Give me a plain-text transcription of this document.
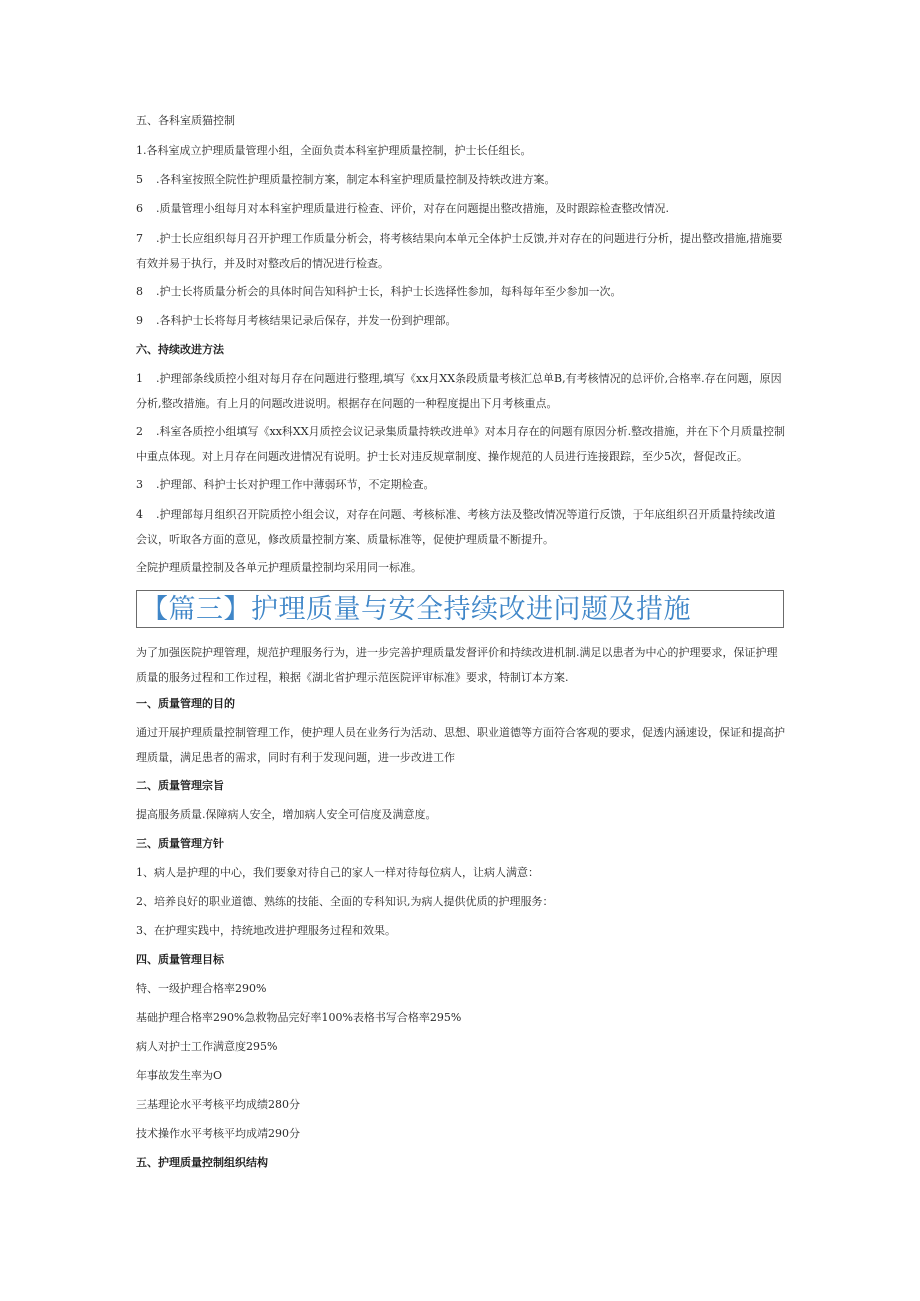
五、各科室质猫控制
1.各科室成立护理质量管理小组，全面负责本科室护理质量控制，护士长任组长。
5 .各科室按照全院性护理质量控制方案，制定本科室护理质量控制及持轶改进方案。
6 .质量管理小组每月对本科室护理质量进行检查、评价，对存在问题提出整改措施，及时跟踪检查整改情况.
7 .护士长应组织每月召开护理工作质量分析会，将考核结果向本单元全体护士反馈,并对存在的问题进行分析，提出整改措施,措施要有效并易于执行，并及时对整改后的情况进行检查。
8 .护士长将质量分析会的具体时间告知科护士长，科护士长选择性参加，每科每年至少参加一次。
9 .各科护士长将每月考核结果记录后保存，并发一份到护理部。
六、持续改进方法
1 .护理部条线质控小组对每月存在问题进行整理,填写《xx月XX条段质量考核汇总单B,有考核情况的总评价,合格率.存在问题，原因分析,整改措施。有上月的问题改进说明。根据存在问题的一种程度提出下月考核重点。
2 .科室各质控小组填写《xx科XX月质控会议记录集质量持轶改进单》对本月存在的问题有原因分析.整改措施，并在下个月质量控制中重点体现。对上月存在问题改进情况有说明。护士长对违反规章制度、操作规范的人员进行连接跟踪，至少5次，督促改正。
3 .护理部、科护士长对护理工作中薄弱环节，不定期检查。
4 .护理部每月组织召开院质控小组会议，对存在问题、考核标准、考核方法及整改情况等道行反馈，于年底组织召开质量持续改道会议，听取各方面的意见，修改质量控制方案、质量标准等，促使护理质量不断提升。
全院护理质量控制及各单元护理质量控制均采用同一标准。
【篇三】护理质量与安全持续改进问题及措施
为了加强医院护理管理，规范护理服务行为，进一步完善护理质量发督评价和持续改进机制.满足以患者为中心的护理要求，保证护理质量的服务过程和工作过程，粮据《湖北省护理示范医院评审标准》要求，特制订本方案.
一、质量管理的目的
通过开展护理质量控制管理工作，使护理人员在业务行为活动、思想、职业道德等方面符合客观的要求，促透内涵速设，保证和提高护理质量，满足患者的需求，同时有利于发现问题，进一步改进工作
二、质量管理宗旨
提高服务质量.保障病人安全，增加病人安全可信度及满意度。
三、质量管理方针
1、病人是护理的中心，我们要象对待自己的家人一样对待每位病人，让病人满意：
2、培养良好的职业道德、熟练的技能、全面的专科知识,为病人提供优质的护理服务：
3、在护理实践中，持统地改进护理服务过程和效果。
四、质量管理目标
特、一级护理合格率290%
基础护理合格率290%急救物品完好率100%表格书写合格率295%
病人对护士工作满意度295%
年事故发生率为O
三基理论水平考核平均成绩280分
技术操作水平考核平均成靖290分
五、护理质量控制组织结构
